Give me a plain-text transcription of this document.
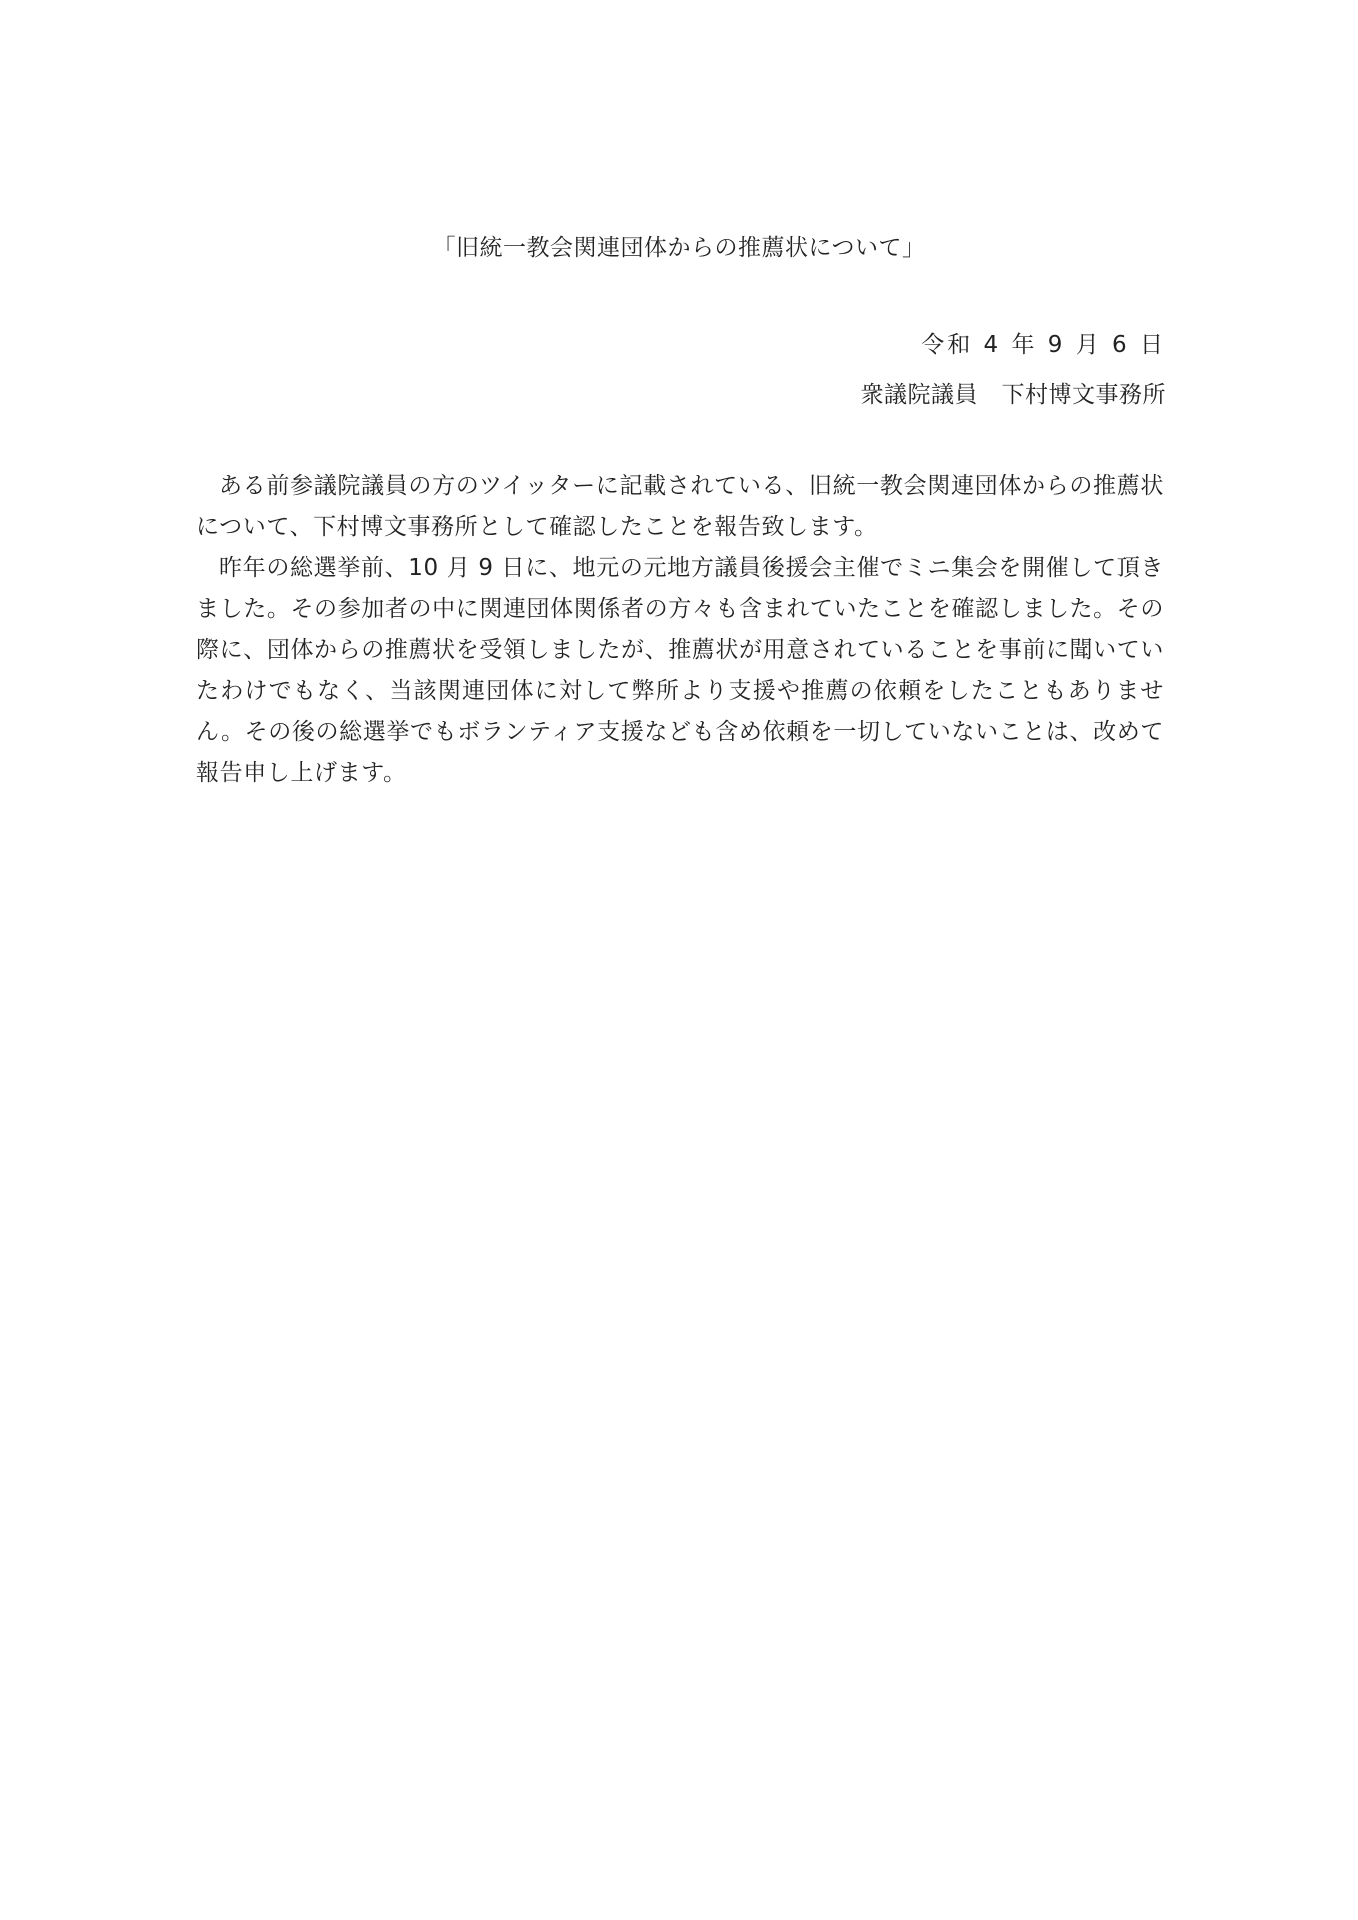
「旧統一教会関連団体からの推薦状について」
令和 4 年 9 月 6 日
衆議院議員　下村博文事務所

ある前参議院議員の方のツイッターに記載されている、旧統一教会関連団体からの推薦状について、下村博文事務所として確認したことを報告致します。

昨年の総選挙前、10 月 9 日に、地元の元地方議員後援会主催でミニ集会を開催して頂きました。その参加者の中に関連団体関係者の方々も含まれていたことを確認しました。その際に、団体からの推薦状を受領しましたが、推薦状が用意されていることを事前に聞いていたわけでもなく、当該関連団体に対して弊所より支援や推薦の依頼をしたこともありません。その後の総選挙でもボランティア支援なども含め依頼を一切していないことは、改めて報告申し上げます。
